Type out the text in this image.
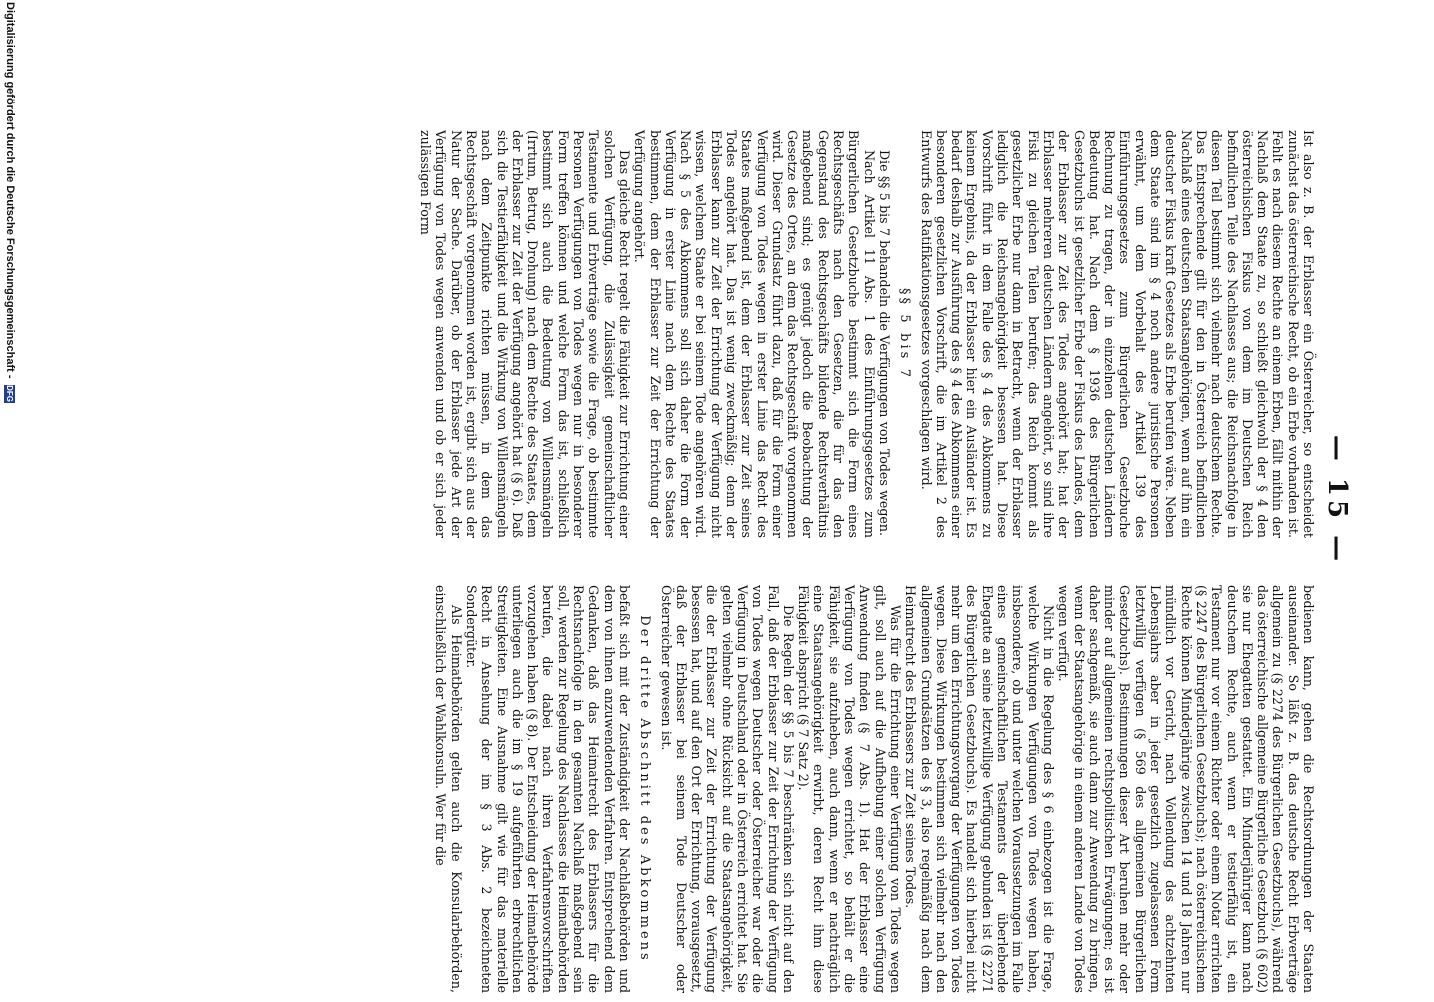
— 15 —

Ist also z. B. der Erblasser ein Österreicher, so entscheidet zunächst das österreichische Recht, ob ein Erbe vorhanden ist. Fehlt es nach diesem Rechte an einem Erben, fällt mithin der Nachlaß dem Staate zu, so schließt gleichwohl der § 4 den österreichischen Fiskus von dem im Deutschen Reich befindlichen Teile des Nachlasses aus; die Reichsnachfolge in diesen Teil bestimmt sich vielmehr nach deutschem Rechte. Das Entsprechende gilt für den in Österreich befindlichen Nachlaß eines deutschen Staatsangehörigen, wenn auf ihn ein deutscher Fiskus kraft Gesetzes als Erbe berufen wäre. Neben dem Staate sind im § 4 noch andere juristische Personen erwähnt, um dem Vorbehalt des Artikel 139 des Einführungsgesetzes zum Bürgerlichen Gesetzbuche Rechnung zu tragen, der in einzelnen deutschen Ländern Bedeutung hat. Nach dem § 1936 des Bürgerlichen Gesetzbuchs ist gesetzlicher Erbe der Fiskus des Landes, dem der Erblasser zur Zeit des Todes angehört hat; hat der Erblasser mehreren deutschen Ländern angehört, so sind ihre Fiski zu gleichen Teilen berufen; das Reich kommt als gesetzlicher Erbe nur dann in Betracht, wenn der Erblasser lediglich die Reichsangehörigkeit besessen hat. Diese Vorschrift führt in dem Falle des § 4 des Abkommens zu keinem Ergebnis, da der Erblasser hier ein Ausländer ist. Es bedarf deshalb zur Ausführung des § 4 des Abkommens einer besonderen gesetzlichen Vorschrift, die im Artikel 2 des Entwurfs des Ratifikationsgesetzes vorgeschlagen wird.

§§ 5 bis 7

Die §§ 5 bis 7 behandeln die Verfügungen von Todes wegen.

Nach Artikel 11 Abs. 1 des Einführungsgesetzes zum Bürgerlichen Gesetzbuche bestimmt sich die Form eines Rechtsgeschäfts nach den Gesetzen, die für das den Gegenstand des Rechtsgeschäfts bildende Rechtsverhältnis maßgebend sind; es genügt jedoch die Beobachtung der Gesetze des Ortes, an dem das Rechtsgeschäft vorgenommen wird. Dieser Grundsatz führt dazu, daß für die Form einer Verfügung von Todes wegen in erster Linie das Recht des Staates maßgebend ist, dem der Erblasser zur Zeit seines Todes angehört hat. Das ist wenig zweckmäßig; denn der Erblasser kann zur Zeit der Errichtung der Verfügung nicht wissen, welchem Staate er bei seinem Tode angehören wird. Nach § 5 des Abkommens soll sich daher die Form der Verfügung in erster Linie nach dem Rechte des Staates bestimmen, dem der Erblasser zur Zeit der Errichtung der Verfügung angehört.

Das gleiche Recht regelt die Fähigkeit zur Errichtung einer solchen Verfügung, die Zulässigkeit gemeinschaftlicher Testamente und Erbverträge sowie die Frage, ob bestimmte Personen Verfügungen von Todes wegen nur in besonderer Form treffen können und welche Form das ist, schließlich bestimmt sich auch die Bedeutung von Willensmängeln (Irrtum, Betrug, Drohung) nach dem Rechte des Staates, dem der Erblasser zur Zeit der Verfügung angehört hat (§ 6). Daß sich die Testierfähigkeit und die Wirkung von Willensmängeln nach dem Zeitpunkte richten müssen, in dem das Rechtsgeschäft vorgenommen worden ist, ergibt sich aus der Natur der Sache. Darüber, ob der Erblasser jede Art der Verfügung von Todes wegen anwenden und ob er sich jeder zulässigen Form

bedienen kann, gehen die Rechtsordnungen der Staaten auseinander. So läßt z. B. das deutsche Recht Erbverträge allgemein zu (§ 2274 des Bürgerlichen Gesetzbuchs), während das österreichische allgemeine Bürgerliche Gesetzbuch (§ 602) sie nur Ehegatten gestattet. Ein Minderjähriger kann nach deutschem Rechte, auch wenn er testierfähig ist, ein Testament nur vor einem Richter oder einem Notar errichten (§ 2247 des Bürgerlichen Gesetzbuchs); nach österreichischem Rechte können Minderjährige zwischen 14 und 18 Jahren nur mündlich vor Gericht, nach Vollendung des achtzehnten Lebensjahrs aber in jeder gesetzlich zugelassenen Form letztwillig verfügen (§ 569 des allgemeinen Bürgerlichen Gesetzbuchs). Bestimmungen dieser Art beruhen mehr oder minder auf allgemeinen rechtspolitischen Erwägungen; es ist daher sachgemäß, sie auch dann zur Anwendung zu bringen, wenn der Staatsangehörige in einem anderen Lande von Todes wegen verfügt.

Nicht in die Regelung des § 6 einbezogen ist die Frage, welche Wirkungen Verfügungen von Todes wegen haben, insbesondere, ob und unter welchen Voraussetzungen im Falle eines gemeinschaftlichen Testaments der überlebende Ehegatte an seine letztwillige Verfügung gebunden ist (§ 2271 des Bürgerlichen Gesetzbuchs). Es handelt sich hierbei nicht mehr um den Errichtungsvorgang der Verfügungen von Todes wegen. Diese Wirkungen bestimmen sich vielmehr nach den allgemeinen Grundsätzen des § 3, also regelmäßig nach dem Heimatrecht des Erblassers zur Zeit seines Todes.

Was für die Errichtung einer Verfügung von Todes wegen gilt, soll auch auf die Aufhebung einer solchen Verfügung Anwendung finden (§ 7 Abs. 1). Hat der Erblasser eine Verfügung von Todes wegen errichtet, so behält er die Fähigkeit, sie aufzuheben, auch dann, wenn er nachträglich eine Staatsangehörigkeit erwirbt, deren Recht ihm diese Fähigkeit abspricht (§ 7 Satz 2).

Die Regeln der §§ 5 bis 7 beschränken sich nicht auf den Fall, daß der Erblasser zur Zeit der Errichtung der Verfügung von Todes wegen Deutscher oder Österreicher war oder die Verfügung in Deutschland oder in Österreich errichtet hat. Sie gelten vielmehr ohne Rücksicht auf die Staatsangehörigkeit, die der Erblasser zur Zeit der Errichtung der Verfügung besessen hat, und auf den Ort der Errichtung, vorausgesetzt, daß der Erblasser bei seinem Tode Deutscher oder Österreicher gewesen ist.

Der dritte Abschnitt des Abkommens

befaßt sich mit der Zuständigkeit der Nachlaßbehörden und dem von ihnen anzuwendenden Verfahren. Entsprechend dem Gedanken, daß das Heimatrecht des Erblassers für die Rechtsnachfolge in den gesamten Nachlaß maßgebend sein soll, werden zur Regelung des Nachlasses die Heimatbehörden berufen, die dabei nach ihren Verfahrensvorschriften vorzugehen haben (§ 8). Der Entscheidung der Heimatbehörde unterliegen auch die im § 19 aufgeführten erbrechtlichen Streitigkeiten. Eine Ausnahme gilt wie für das materielle Recht in Ansehung der im § 3 Abs. 2 bezeichneten Sondergüter.

Als Heimatbehörden gelten auch die Konsularbehörden, einschließlich der Wahlkonsuln. Wer für die

Digitalisierung gefördert durch die Deutsche Forschungsgemeinschaft -
DFG
